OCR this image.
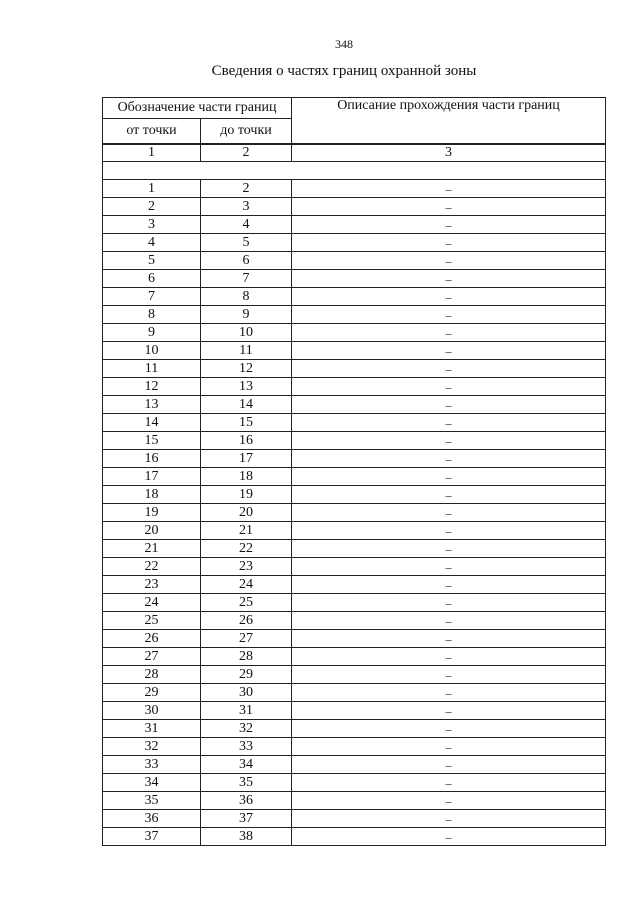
348
Сведения о частях границ охранной зоны
Обозначение части границ		Описание прохождения части границ
от точки	до точки	

1	2	3

1	2	–
2	3	–
3	4	–
4	5	–
5	6	–
6	7	–
7	8	–
8	9	–
9	10	–
10	11	–
11	12	–
12	13	–
13	14	–
14	15	–
15	16	–
16	17	–
17	18	–
18	19	–
19	20	–
20	21	–
21	22	–
22	23	–
23	24	–
24	25	–
25	26	–
26	27	–
27	28	–
28	29	–
29	30	–
30	31	–
31	32	–
32	33	–
33	34	–
34	35	–
35	36	–
36	37	–
37	38	–
